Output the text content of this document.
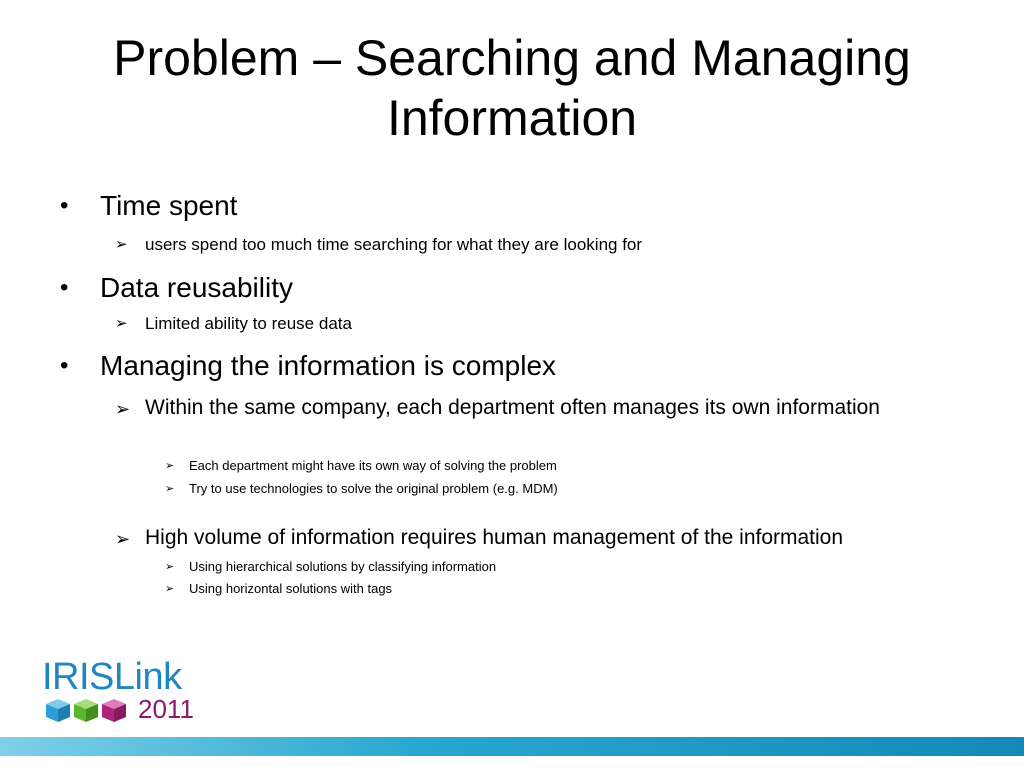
Problem – Searching and Managing Information
• Time spent
➢ users spend too much time searching for what they are looking for
• Data reusability
➢ Limited ability to reuse data
• Managing the information is complex
➢ Within the same company, each department often manages its own information
➢ Each department might have its own way of solving the problem
➢ Try to use technologies to solve the original problem (e.g. MDM)
➢ High volume of information requires human management of the information
➢ Using hierarchical solutions by classifying information
➢ Using horizontal solutions with tags
IRISLink
2011
